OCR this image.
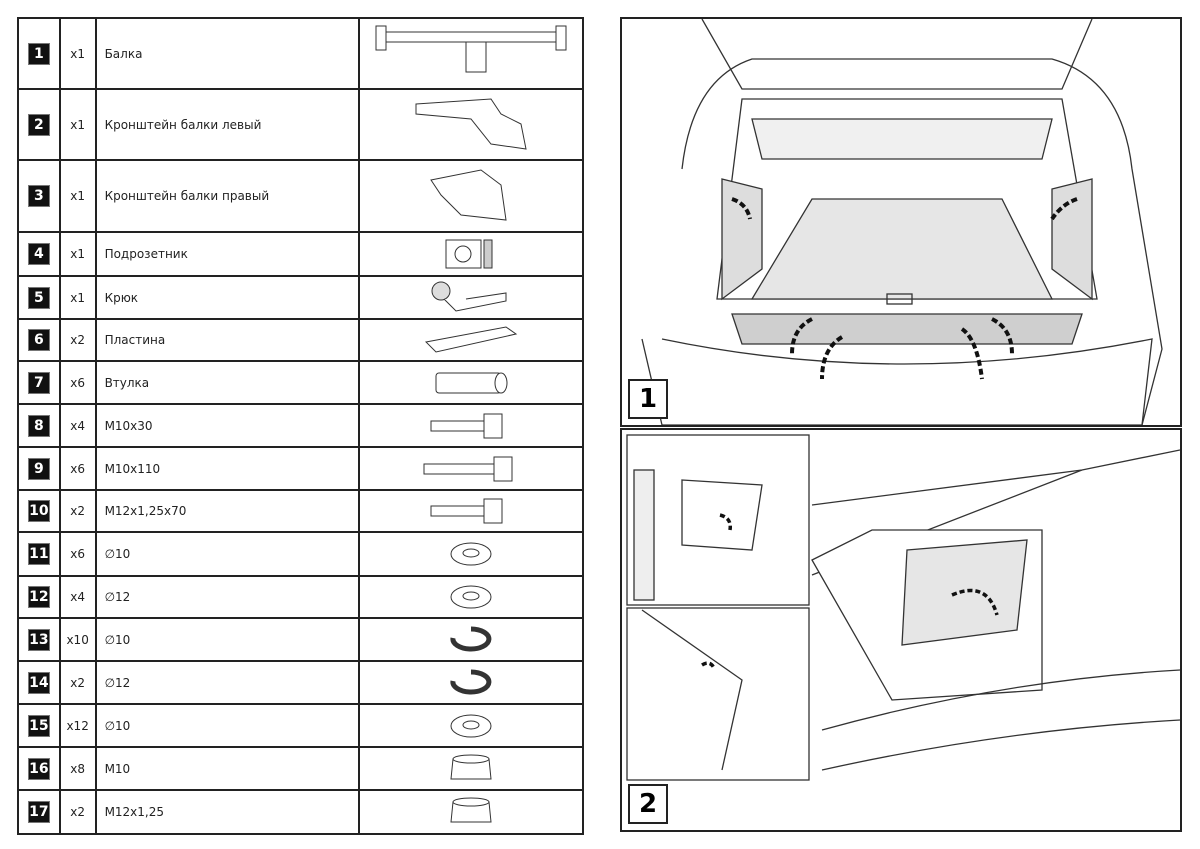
1	x1	Балка	

2	x1	Кронштейн балки левый	

3	x1	Кронштейн балки правый	

4	x1	Подрозетник	

5	x1	Крюк	

6	x2	Пластина	

7	x6	Втулка	

8	x4	M10x30	

9	x6	M10x110	

10	x2	M12x1,25x70	

11	x6	∅10	

12	x4	∅12	

13	x10	∅10	

14	x2	∅12	

15	x12	∅10	

16	x8	M10	

17	x2	M12x1,25	
1
2
